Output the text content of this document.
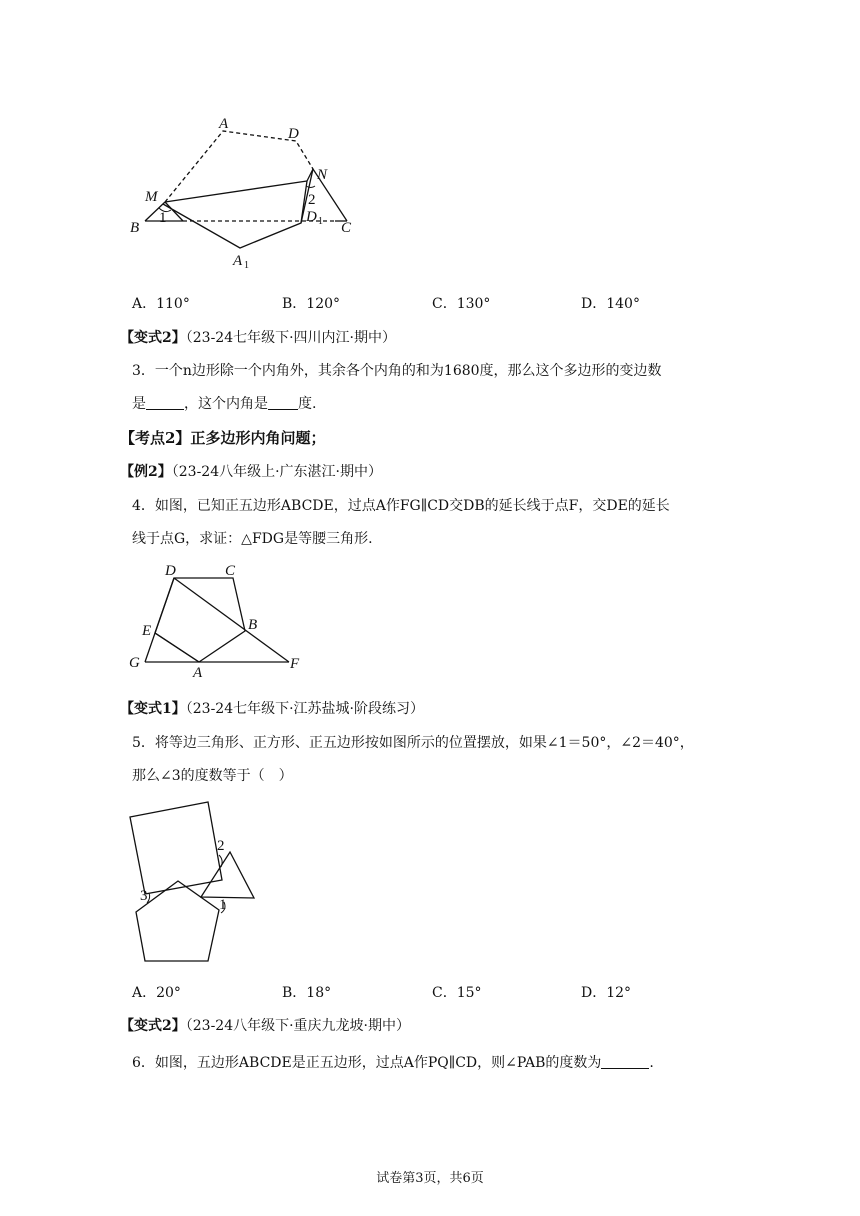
A
D
M
N
B	C
D 1
A 1
1
2
A．110°	B．120°	C．130°	D．140°
【变式2】（23-24七年级下·四川内江·期中）
3．一个n边形除一个内角外，其余各个内角的和为1680度，那么这个多边形的变边数
是	，这个内角是 度.
【考点2】正多边形内角问题；
【例2】（23-24八年级上·广东湛江·期中）
4．如图，已知正五边形ABCDE，过点A作FG∥CD交DB的延长线于点F，交DE的延长
线于点G，求证：△FDG是等腰三角形.
D	C
E	B
G
A
F
【变式1】（23-24七年级下·江苏盐城·阶段练习）
5．将等边三角形、正方形、正五边形按如图所示的位置摆放，如果∠1＝50°，∠2＝40°，
那么∠3的度数等于（　）
2
1
3
A．20°	B．18°	C．15°	D．12°
【变式2】（23-24八年级下·重庆九龙坡·期中）
6．如图，五边形ABCDE是正五边形，过点A作PQ∥CD，则∠PAB的度数为	.
试卷第3页，共6页
